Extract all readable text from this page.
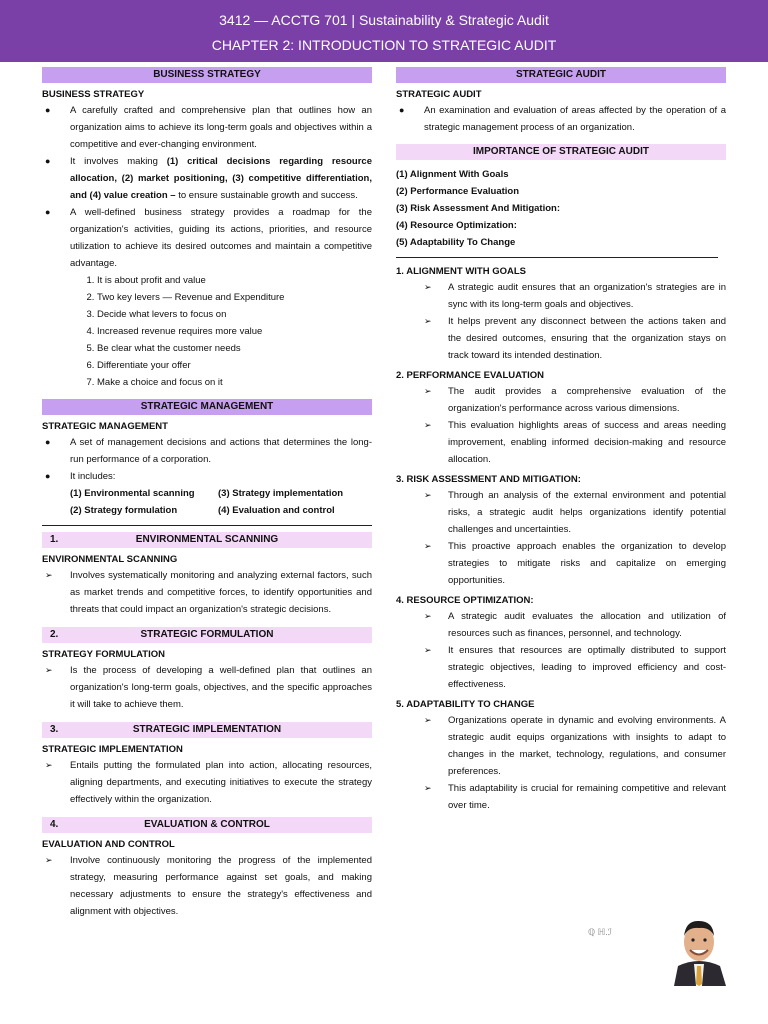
3412 — ACCTG 701 | Sustainability & Strategic Audit
CHAPTER 2: INTRODUCTION TO STRATEGIC AUDIT
BUSINESS STRATEGY
BUSINESS STRATEGY
● A carefully crafted and comprehensive plan that outlines how an organization aims to achieve its long-term goals and objectives within a competitive and ever-changing environment.
● It involves making (1) critical decisions regarding resource allocation, (2) market positioning, (3) competitive differentiation, and (4) value creation – to ensure sustainable growth and success.
● A well-defined business strategy provides a roadmap for the organization's activities, guiding its actions, priorities, and resource utilization to achieve its desired outcomes and maintain a competitive advantage.
1. It is about profit and value
2. Two key levers — Revenue and Expenditure
3. Decide what levers to focus on
4. Increased revenue requires more value
5. Be clear what the customer needs
6. Differentiate your offer
7. Make a choice and focus on it
STRATEGIC MANAGEMENT
STRATEGIC MANAGEMENT
● A set of management decisions and actions that determines the long-run performance of a corporation.
● It includes:
(1) Environmental scanning	(3) Strategy implementation
(2) Strategy formulation	(4) Evaluation and control
1.	ENVIRONMENTAL SCANNING
ENVIRONMENTAL SCANNING
➢ Involves systematically monitoring and analyzing external factors, such as market trends and competitive forces, to identify opportunities and threats that could impact an organization's strategic decisions.
2.	STRATEGIC FORMULATION
STRATEGY FORMULATION
➢ Is the process of developing a well-defined plan that outlines an organization's long-term goals, objectives, and the specific approaches it will take to achieve them.
3.	STRATEGIC IMPLEMENTATION
STRATEGIC IMPLEMENTATION
➢ Entails putting the formulated plan into action, allocating resources, aligning departments, and executing initiatives to execute the strategy effectively within the organization.
4.	EVALUATION & CONTROL
EVALUATION AND CONTROL
➢ Involve continuously monitoring the progress of the implemented strategy, measuring performance against set goals, and making necessary adjustments to ensure the strategy's effectiveness and alignment with objectives.
STRATEGIC AUDIT
STRATEGIC AUDIT
● An examination and evaluation of areas affected by the operation of a strategic management process of an organization.
IMPORTANCE OF STRATEGIC AUDIT
(1) Alignment With Goals
(2) Performance Evaluation
(3) Risk Assessment And Mitigation:
(4) Resource Optimization:
(5) Adaptability To Change
1. ALIGNMENT WITH GOALS
➢ A strategic audit ensures that an organization's strategies are in sync with its long-term goals and objectives.
➢ It helps prevent any disconnect between the actions taken and the desired outcomes, ensuring that the organization stays on track toward its intended destination.
2. PERFORMANCE EVALUATION
➢ The audit provides a comprehensive evaluation of the organization's performance across various dimensions.
➢ This evaluation highlights areas of success and areas needing improvement, enabling informed decision-making and resource allocation.
3. RISK ASSESSMENT AND MITIGATION:
➢ Through an analysis of the external environment and potential risks, a strategic audit helps organizations identify potential challenges and uncertainties.
➢ This proactive approach enables the organization to develop strategies to mitigate risks and capitalize on emerging opportunities.
4. RESOURCE OPTIMIZATION:
➢ A strategic audit evaluates the allocation and utilization of resources such as finances, personnel, and technology.
➢ It ensures that resources are optimally distributed to support strategic objectives, leading to improved efficiency and cost-effectiveness.
5. ADAPTABILITY TO CHANGE
➢ Organizations operate in dynamic and evolving environments. A strategic audit equips organizations with insights to adapt to changes in the market, technology, regulations, and consumer preferences.
➢ This adaptability is crucial for remaining competitive and relevant over time.
ℚ ℍ.ℐ
